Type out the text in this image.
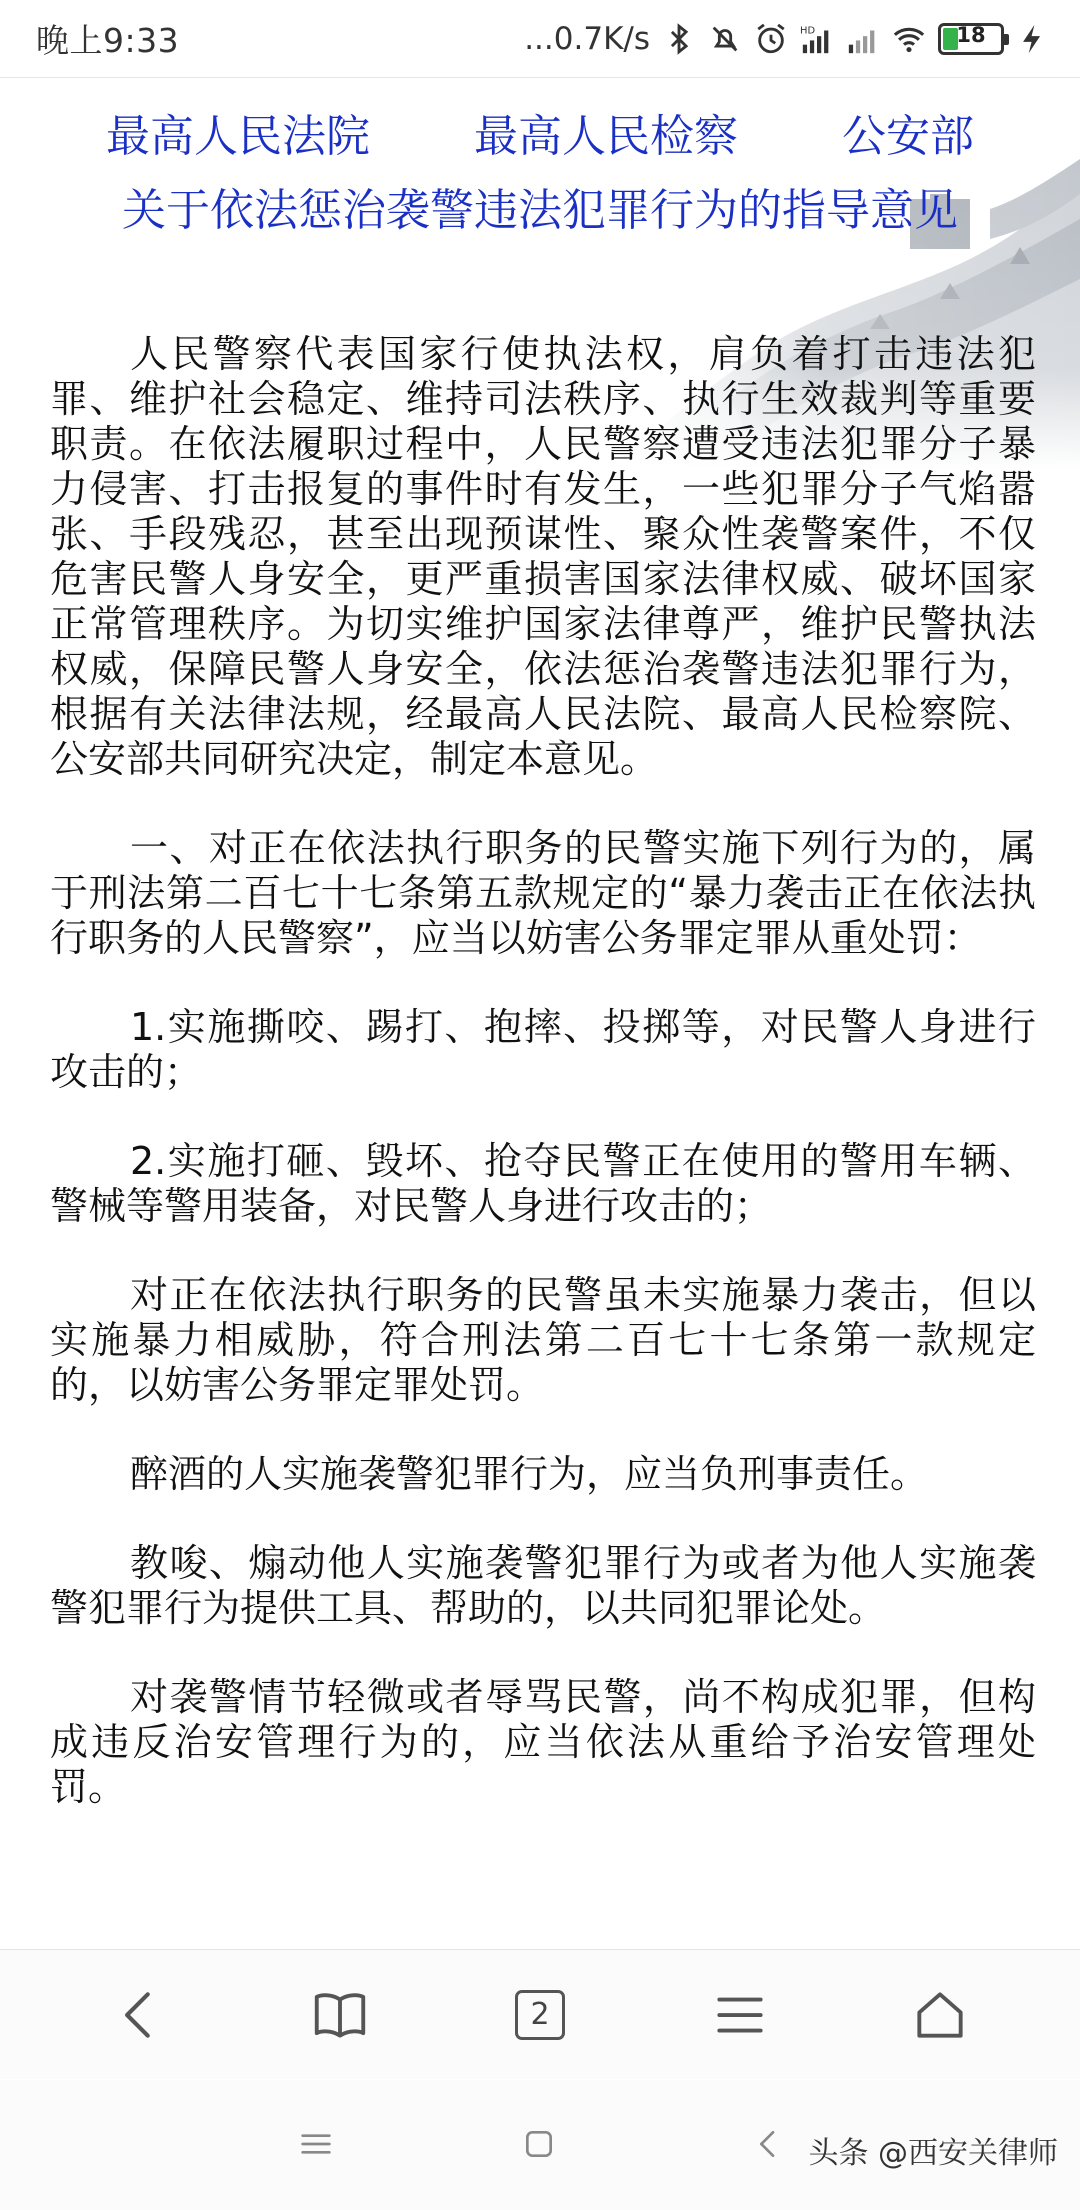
晚上9:33	...0.7K/s	HD	18
最高人民法院 最高人民检察 公安部
关于依法惩治袭警违法犯罪行为的指导意见

人民警察代表国家行使执法权，肩负着打击违法犯罪、维护社会稳定、维持司法秩序、执行生效裁判等重要职责。在依法履职过程中，人民警察遭受违法犯罪分子暴力侵害、打击报复的事件时有发生，一些犯罪分子气焰嚣张、手段残忍，甚至出现预谋性、聚众性袭警案件，不仅危害民警人身安全，更严重损害国家法律权威、破坏国家正常管理秩序。为切实维护国家法律尊严，维护民警执法权威，保障民警人身安全，依法惩治袭警违法犯罪行为，根据有关法律法规，经最高人民法院、最高人民检察院、公安部共同研究决定，制定本意见。

一、对正在依法执行职务的民警实施下列行为的，属于刑法第二百七十七条第五款规定的“暴力袭击正在依法执行职务的人民警察”，应当以妨害公务罪定罪从重处罚：

1.实施撕咬、踢打、抱摔、投掷等，对民警人身进行攻击的；

2.实施打砸、毁坏、抢夺民警正在使用的警用车辆、警械等警用装备，对民警人身进行攻击的；

对正在依法执行职务的民警虽未实施暴力袭击，但以实施暴力相威胁，符合刑法第二百七十七条第一款规定的，以妨害公务罪定罪处罚。

醉酒的人实施袭警犯罪行为，应当负刑事责任。

教唆、煽动他人实施袭警犯罪行为或者为他人实施袭警犯罪行为提供工具、帮助的，以共同犯罪论处。

对袭警情节轻微或者辱骂民警，尚不构成犯罪，但构成违反治安管理行为的，应当依法从重给予治安管理处罚。

2
头条 @西安关律师
